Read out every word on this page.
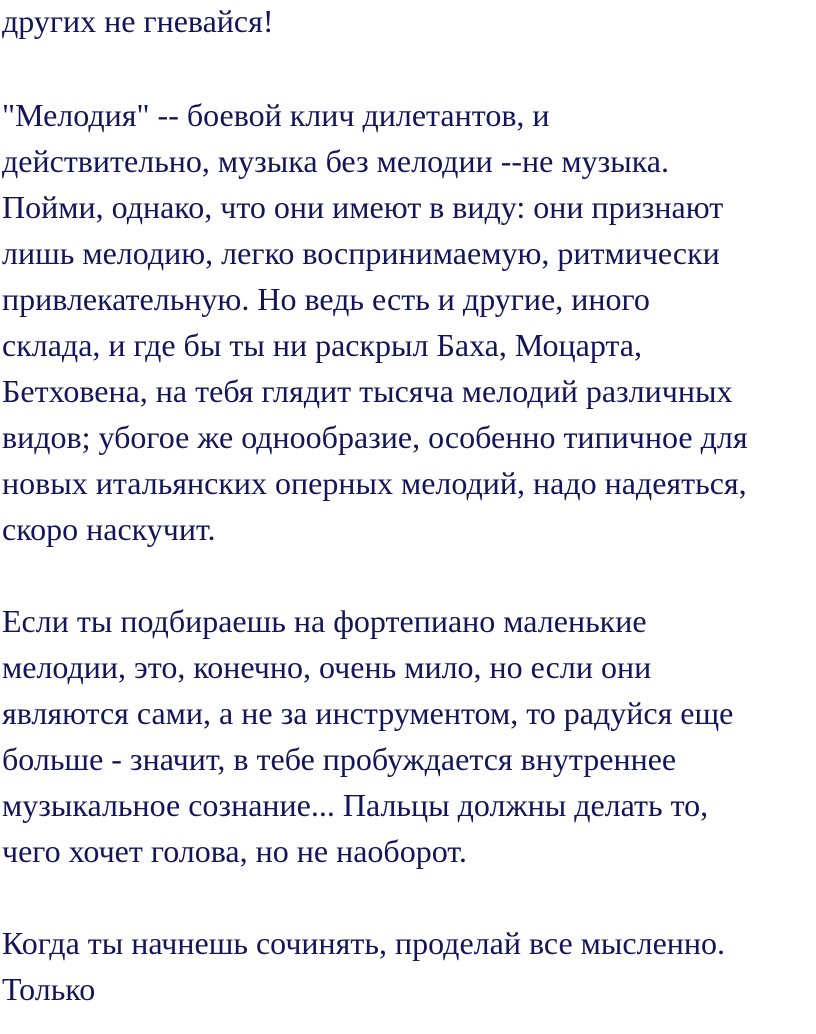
других не гневайся!

"Мелодия" -- боевой клич дилетантов, и

действительно, музыка без мелодии --не музыка.

Пойми, однако, что они имеют в виду: они признают

лишь мелодию, легко воспринимаемую, ритмически

привлекательную. Но ведь есть и другие, иного

склада, и где бы ты ни раскрыл Баха, Моцарта,

Бетховена, на тебя глядит тысяча мелодий различных

видов; убогое же однообразие, особенно типичное для

новых итальянских оперных мелодий, надо надеяться,

скоро наскучит.

Если ты подбираешь на фортепиано маленькие

мелодии, это, конечно, очень мило, но если они

являются сами, а не за инструментом, то радуйся еще

больше - значит, в тебе пробуждается внутреннее

музыкальное сознание... Пальцы должны делать то,

чего хочет голова, но не наоборот.

Когда ты начнешь сочинять, проделай все мысленно.

Только
